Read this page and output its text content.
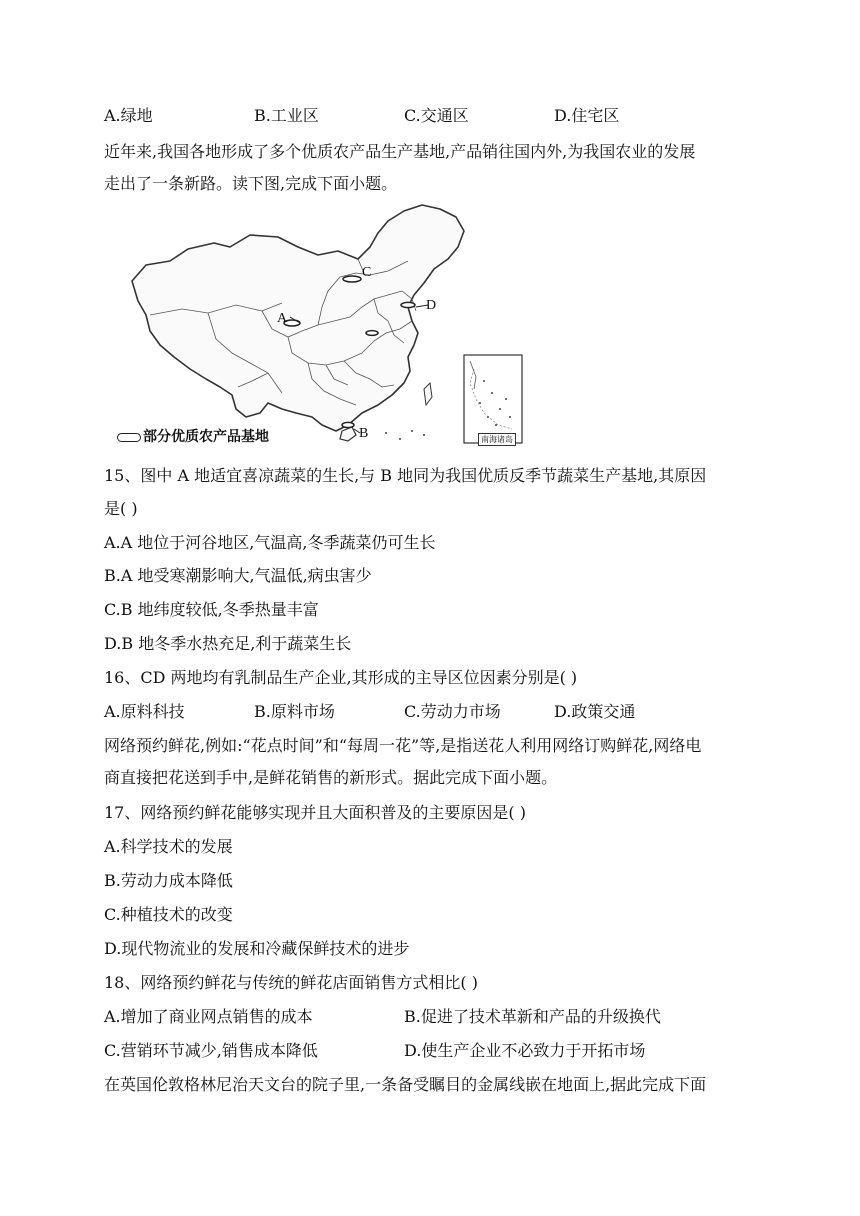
A.绿地	B.工业区	C.交通区	D.住宅区
近年来,我国各地形成了多个优质农产品生产基地,产品销往国内外,为我国农业的发展
走出了一条新路。读下图,完成下面小题。
C
D
A
B
部分优质农产品基地	南海诸岛
15、图中 A 地适宜喜凉蔬菜的生长,与 B 地同为我国优质反季节蔬菜生产基地,其原因
是( )
A.A 地位于河谷地区,气温高,冬季蔬菜仍可生长
B.A 地受寒潮影响大,气温低,病虫害少
C.B 地纬度较低,冬季热量丰富
D.B 地冬季水热充足,利于蔬菜生长
16、CD 两地均有乳制品生产企业,其形成的主导区位因素分别是( )
A.原料科技	B.原料市场	C.劳动力市场	D.政策交通
网络预约鲜花,例如:“花点时间”和“每周一花”等,是指送花人利用网络订购鲜花,网络电
商直接把花送到手中,是鲜花销售的新形式。据此完成下面小题。
17、网络预约鲜花能够实现并且大面积普及的主要原因是( )
A.科学技术的发展
B.劳动力成本降低
C.种植技术的改变
D.现代物流业的发展和冷藏保鲜技术的进步
18、网络预约鲜花与传统的鲜花店面销售方式相比( )
A.增加了商业网点销售的成本	B.促进了技术革新和产品的升级换代
C.营销环节减少,销售成本降低	D.使生产企业不必致力于开拓市场
在英国伦敦格林尼治天文台的院子里,一条备受瞩目的金属线嵌在地面上,据此完成下面
